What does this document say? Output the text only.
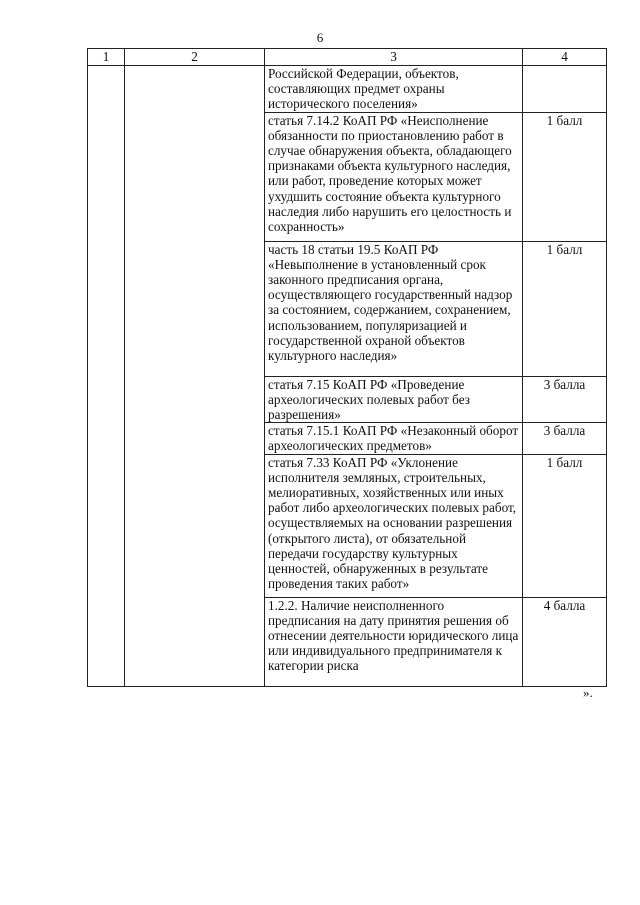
6
1	2	3	4
		Российской Федерации, объектов, составляющих предмет охраны исторического поселения»	
		статья 7.14.2 КоАП РФ «Неисполнение обязанности по приостановлению работ в случае обнаружения объекта, обладающего признаками объекта культурного наследия, или работ, проведение которых может ухудшить состояние объекта культурного наследия либо нарушить его целостность и сохранность»	1 балл
		часть 18 статьи 19.5 КоАП РФ «Невыполнение в установленный срок законного предписания органа, осуществляющего государственный надзор за состоянием, содержанием, сохранением, использованием, популяризацией и государственной охраной объектов культурного наследия»	1 балл
		статья 7.15 КоАП РФ «Проведение археологических полевых работ без разрешения»	3 балла
		статья 7.15.1 КоАП РФ «Незаконный оборот археологических предметов»	3 балла
		статья 7.33 КоАП РФ «Уклонение исполнителя земляных, строительных, мелиоративных, хозяйственных или иных работ либо археологических полевых работ, осуществляемых на основании разрешения (открытого листа), от обязательной передачи государству культурных ценностей, обнаруженных в результате проведения таких работ»	1 балл
		1.2.2. Наличие неисполненного предписания на дату принятия решения об отнесении деятельности юридического лица или индивидуального предпринимателя к категории риска	4 балла
».
